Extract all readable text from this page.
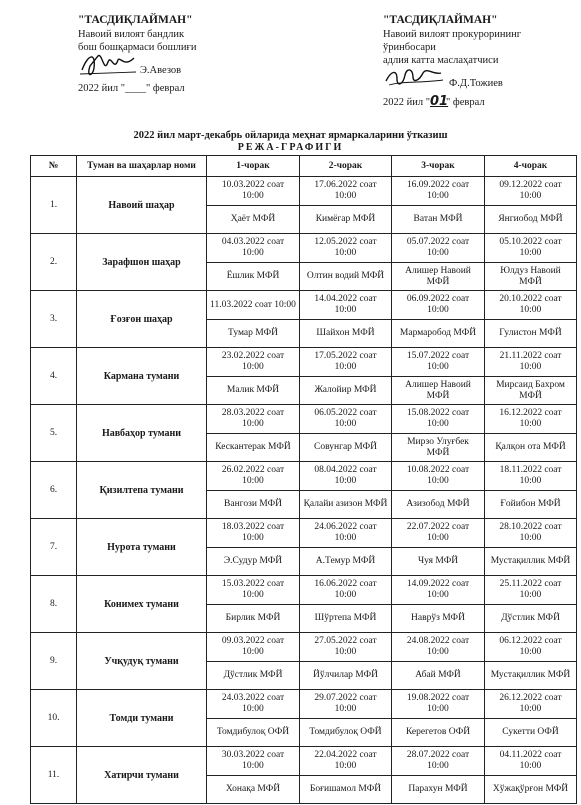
"ТАСДИҚЛАЙМАН"
Навоий вилоят бандлик
бош бошқармаси бошлиғи
Э.Авезов
2022 йил "____" феврал
"ТАСДИҚЛАЙМАН"
Навоий вилоят прокурорининг
ўринбосари
адлия катта маслаҳатчиси
Ф.Д.Тожиев
2022 йил "01" феврал
2022 йил март-декабрь ойларида меҳнат ярмаркаларини ўтказиш
РЕЖА-ГРАФИГИ
№	Туман ва шаҳарлар номи	1-чорак	2-чорак	3-чорак	4-чорак
1.	Навоий шаҳар	10.03.2022 соат 10:00	17.06.2022 соат 10:00	16.09.2022 соат 10:00	09.12.2022 соат 10:00
		Ҳаёт МФЙ	Кимёгар МФЙ	Ватан МФЙ	Янгиобод МФЙ
2.	Зарафшон шаҳар	04.03.2022 соат 10:00	12.05.2022 соат 10:00	05.07.2022 соат 10:00	05.10.2022 соат 10:00
		Ёшлик МФЙ	Олтин водий МФЙ	Алишер Навоий МФЙ	Юлдуз Навоий МФЙ
3.	Ғозғон шаҳар	11.03.2022 соат 10:00	14.04.2022 соат 10:00	06.09.2022 соат 10:00	20.10.2022 соат 10:00
		Тумар МФЙ	Шайхон МФЙ	Мармаробод МФЙ	Гулистон МФЙ
4.	Кармана тумани	23.02.2022 соат 10:00	17.05.2022 соат 10:00	15.07.2022 соат 10:00	21.11.2022 соат 10:00
		Малик МФЙ	Жалойир МФЙ	Алишер Навоий МФЙ	Мирсаид Бахром МФЙ
5.	Навбаҳор тумани	28.03.2022 соат 10:00	06.05.2022 соат 10:00	15.08.2022 соат 10:00	16.12.2022 соат 10:00
		Кескантерак МФЙ	Совунгар МФЙ	Мирзо Улуғбек МФЙ	Қалқон ота МФЙ
6.	Қизилтепа тумани	26.02.2022 соат 10:00	08.04.2022 соат 10:00	10.08.2022 соат 10:00	18.11.2022 соат 10:00
		Вангози МФЙ	Қалайи азизон МФЙ	Азизобод МФЙ	Ғойибон МФЙ
7.	Нурота тумани	18.03.2022 соат 10:00	24.06.2022 соат 10:00	22.07.2022 соат 10:00	28.10.2022 соат 10:00
		Э.Судур МФЙ	А.Темур МФЙ	Чуя МФЙ	Мустақиллик МФЙ
8.	Конимех тумани	15.03.2022 соат 10:00	16.06.2022 соат 10:00	14.09.2022 соат 10:00	25.11.2022 соат 10:00
		Бирлик МФЙ	Шўртепа МФЙ	Наврўз МФЙ	Дўстлик МФЙ
9.	Учқудуқ тумани	09.03.2022 соат 10:00	27.05.2022 соат 10:00	24.08.2022 соат 10:00	06.12.2022 соат 10:00
		Дўстлик МФЙ	Йўлчилар МФЙ	Абай МФЙ	Мустақиллик МФЙ
10.	Томди тумани	24.03.2022 соат 10:00	29.07.2022 соат 10:00	19.08.2022 соат 10:00	26.12.2022 соат 10:00
		Томдибулоқ ОФЙ	Томдибулоқ ОФЙ	Керегетов ОФЙ	Сукетти ОФЙ
11.	Хатирчи тумани	30.03.2022 соат 10:00	22.04.2022 соат 10:00	28.07.2022 соат 10:00	04.11.2022 соат 10:00
		Хонақа МФЙ	Боғишамол МФЙ	Парахун МФЙ	Хўжақўрғон МФЙ
